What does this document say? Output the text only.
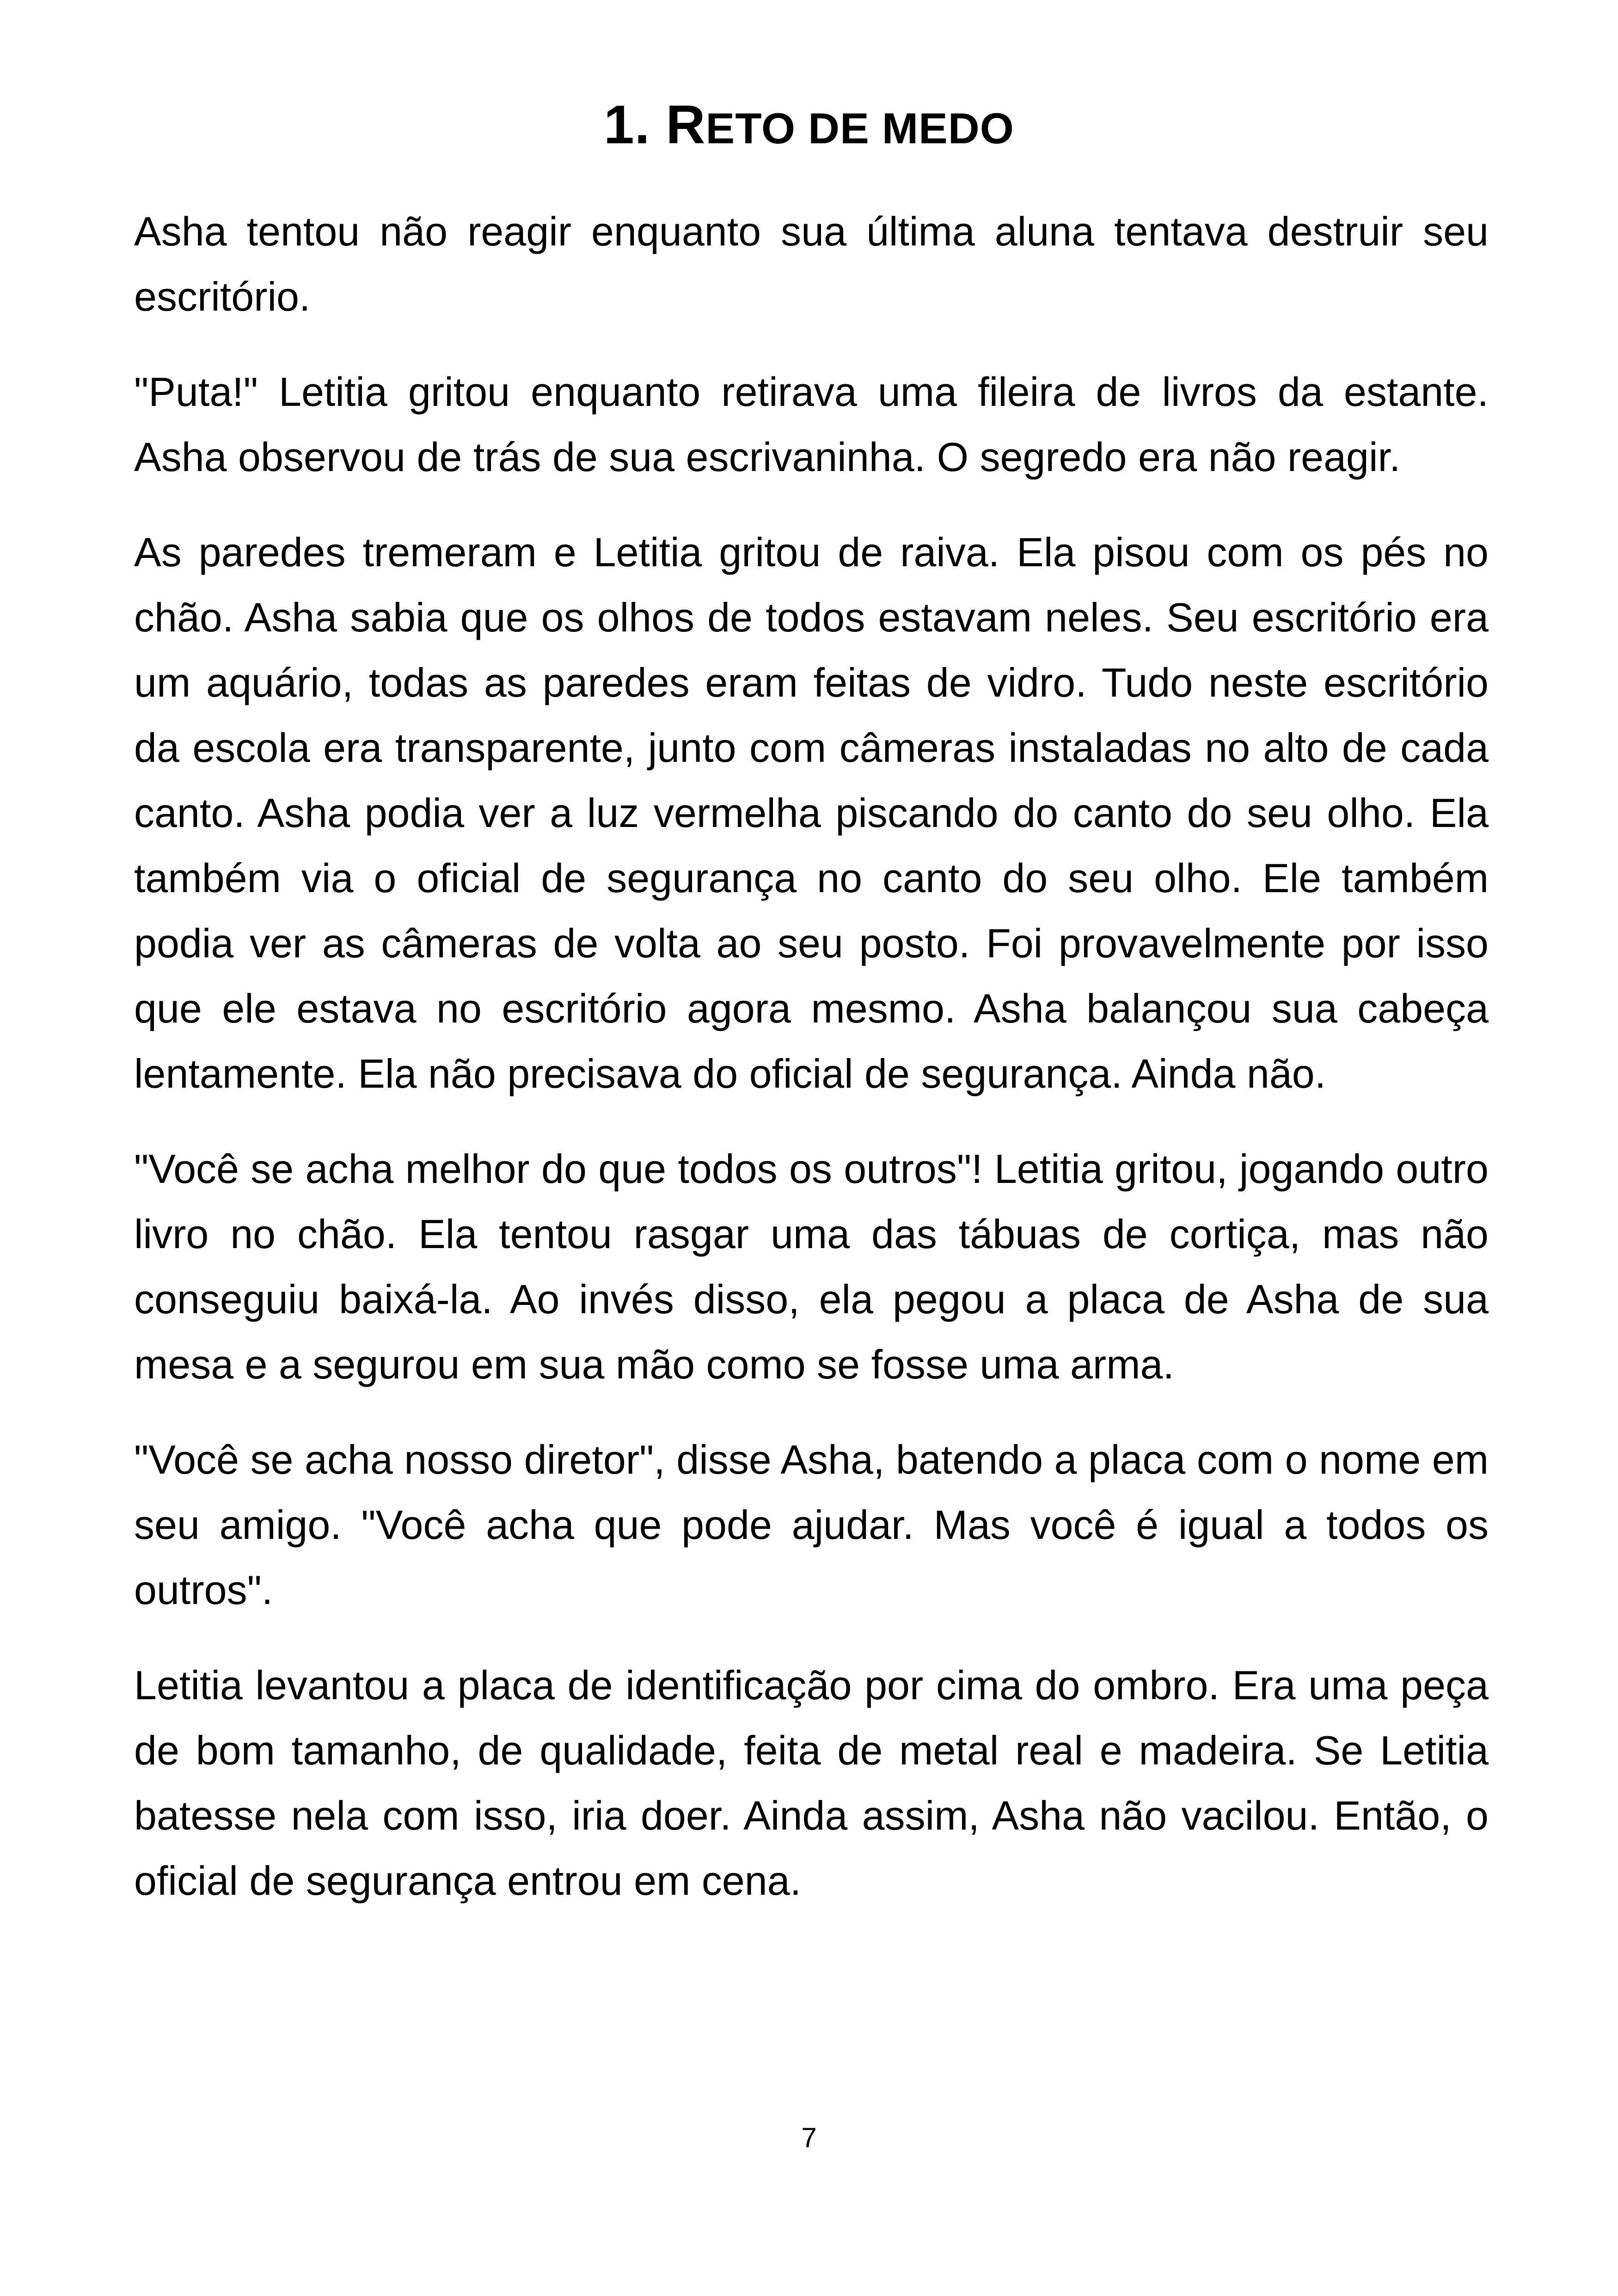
1. RETO DE MEDO

Asha tentou não reagir enquanto sua última aluna tentava destruir seu escritório.

"Puta!" Letitia gritou enquanto retirava uma fileira de livros da estante. Asha observou de trás de sua escrivaninha. O segredo era não reagir.

As paredes tremeram e Letitia gritou de raiva. Ela pisou com os pés no chão. Asha sabia que os olhos de todos estavam neles. Seu escritório era um aquário, todas as paredes eram feitas de vidro. Tudo neste escritório da escola era transparente, junto com câmeras instaladas no alto de cada canto. Asha podia ver a luz vermelha piscando do canto do seu olho. Ela também via o oficial de segurança no canto do seu olho. Ele também podia ver as câmeras de volta ao seu posto. Foi provavelmente por isso que ele estava no escritório agora mesmo. Asha balançou sua cabeça lentamente. Ela não precisava do oficial de segurança. Ainda não.

"Você se acha melhor do que todos os outros"! Letitia gritou, jogando outro livro no chão. Ela tentou rasgar uma das tábuas de cortiça, mas não conseguiu baixá-la. Ao invés disso, ela pegou a placa de Asha de sua mesa e a segurou em sua mão como se fosse uma arma.

"Você se acha nosso diretor", disse Asha, batendo a placa com o nome em seu amigo. "Você acha que pode ajudar. Mas você é igual a todos os outros".

Letitia levantou a placa de identificação por cima do ombro. Era uma peça de bom tamanho, de qualidade, feita de metal real e madeira. Se Letitia batesse nela com isso, iria doer. Ainda assim, Asha não vacilou. Então, o oficial de segurança entrou em cena.

7
